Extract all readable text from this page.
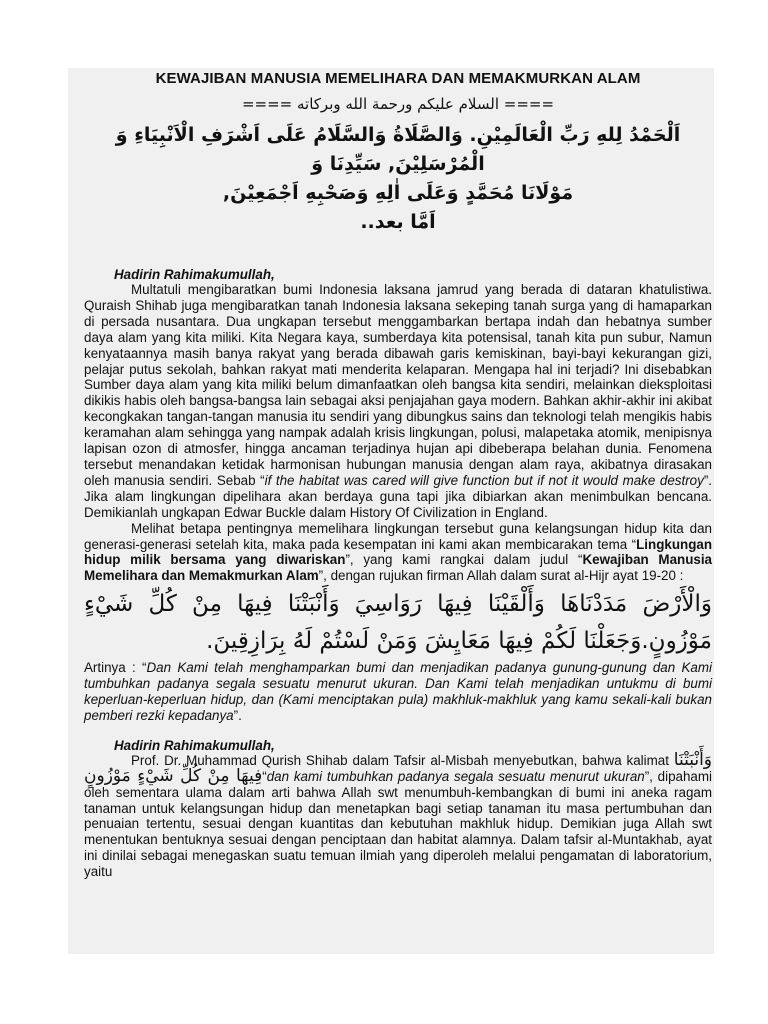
KEWAJIBAN MANUSIA MEMELIHARA DAN MEMAKMURKAN ALAM
==== السلام عليكم ورحمة الله وبركاته ====

اَلْحَمْدُ لِلهِ رَبِّ الْعَالَمِيْنِ. وَالصَّلَاةُ وَالسَّلَامُ عَلَى اَشْرَفِ الْاَنْبِيَاءِ وَ الْمُرْسَلِيْنَ, سَيِّدِنَا وَ

مَوْلَانَا مُحَمَّدٍ وَعَلَى اٰلِهِ وَصَحْبِهِ اَجْمَعِيْنَ,

اَمَّا بعد..

Hadirin Rahimakumullah,

Multatuli mengibaratkan bumi Indonesia laksana jamrud yang berada di dataran khatulistiwa. Quraish Shihab juga mengibaratkan tanah Indonesia laksana sekeping tanah surga yang di hamaparkan di persada nusantara. Dua ungkapan tersebut menggambarkan bertapa indah dan hebatnya sumber daya alam yang kita miliki. Kita Negara kaya, sumberdaya kita potensisal, tanah kita pun subur, Namun kenyataannya masih banya rakyat yang berada dibawah garis kemiskinan, bayi-bayi kekurangan gizi, pelajar putus sekolah, bahkan rakyat mati menderita kelaparan. Mengapa hal ini terjadi? Ini disebabkan Sumber daya alam yang kita miliki belum dimanfaatkan oleh bangsa kita sendiri, melainkan dieksploitasi dikikis habis oleh bangsa-bangsa lain sebagai aksi penjajahan gaya modern. Bahkan akhir-akhir ini akibat kecongkakan tangan-tangan manusia itu sendiri yang dibungkus sains dan teknologi telah mengikis habis keramahan alam sehingga yang nampak adalah krisis lingkungan, polusi, malapetaka atomik, menipisnya lapisan ozon di atmosfer, hingga ancaman terjadinya hujan api dibeberapa belahan dunia. Fenomena tersebut menandakan ketidak harmonisan hubungan manusia dengan alam raya, akibatnya dirasakan oleh manusia sendiri. Sebab “if the habitat was cared will give function but if not it would make destroy”. Jika alam lingkungan dipelihara akan berdaya guna tapi jika dibiarkan akan menimbulkan bencana. Demikianlah ungkapan Edwar Buckle dalam History Of Civilization in England.

Melihat betapa pentingnya memelihara lingkungan tersebut guna kelangsungan hidup kita dan generasi-generasi setelah kita, maka pada kesempatan ini kami akan membicarakan tema “Lingkungan hidup milik bersama yang diwariskan”, yang kami rangkai dalam judul “Kewajiban Manusia Memelihara dan Memakmurkan Alam”, dengan rujukan firman Allah dalam surat al-Hijr ayat 19-20 :

وَالْأَرْضَ مَدَدْنَاهَا وَأَلْقَيْنَا فِيهَا رَوَاسِيَ وَأَنْبَتْنَا فِيهَا مِنْ كُلِّ شَيْءٍ

مَوْزُونٍ.وَجَعَلْنَا لَكُمْ فِيهَا مَعَايِشَ وَمَنْ لَسْتُمْ لَهُ بِرَازِقِينَ.

Artinya : “Dan Kami telah menghamparkan bumi dan menjadikan padanya gunung-gunung dan Kami tumbuhkan padanya segala sesuatu menurut ukuran. Dan Kami telah menjadikan untukmu di bumi keperluan-keperluan hidup, dan (Kami menciptakan pula) makhluk-makhluk yang kamu sekali-kali bukan pemberi rezki kepadanya”.

Hadirin Rahimakumullah,

Prof. Dr. Muhammad Qurish Shihab dalam Tafsir al-Misbah menyebutkan, bahwa kalimat وَأَنْبَتْنَا فِيهَا مِنْ كُلِّ شَيْءٍ مَوْزُونٍ“dan kami tumbuhkan padanya segala sesuatu menurut ukuran”, dipahami oleh sementara ulama dalam arti bahwa Allah swt menumbuh-kembangkan di bumi ini aneka ragam tanaman untuk kelangsungan hidup dan menetapkan bagi setiap tanaman itu masa pertumbuhan dan penuaian tertentu, sesuai dengan kuantitas dan kebutuhan makhluk hidup. Demikian juga Allah swt menentukan bentuknya sesuai dengan penciptaan dan habitat alamnya. Dalam tafsir al-Muntakhab, ayat ini dinilai sebagai menegaskan suatu temuan ilmiah yang diperoleh melalui pengamatan di laboratorium, yaitu
